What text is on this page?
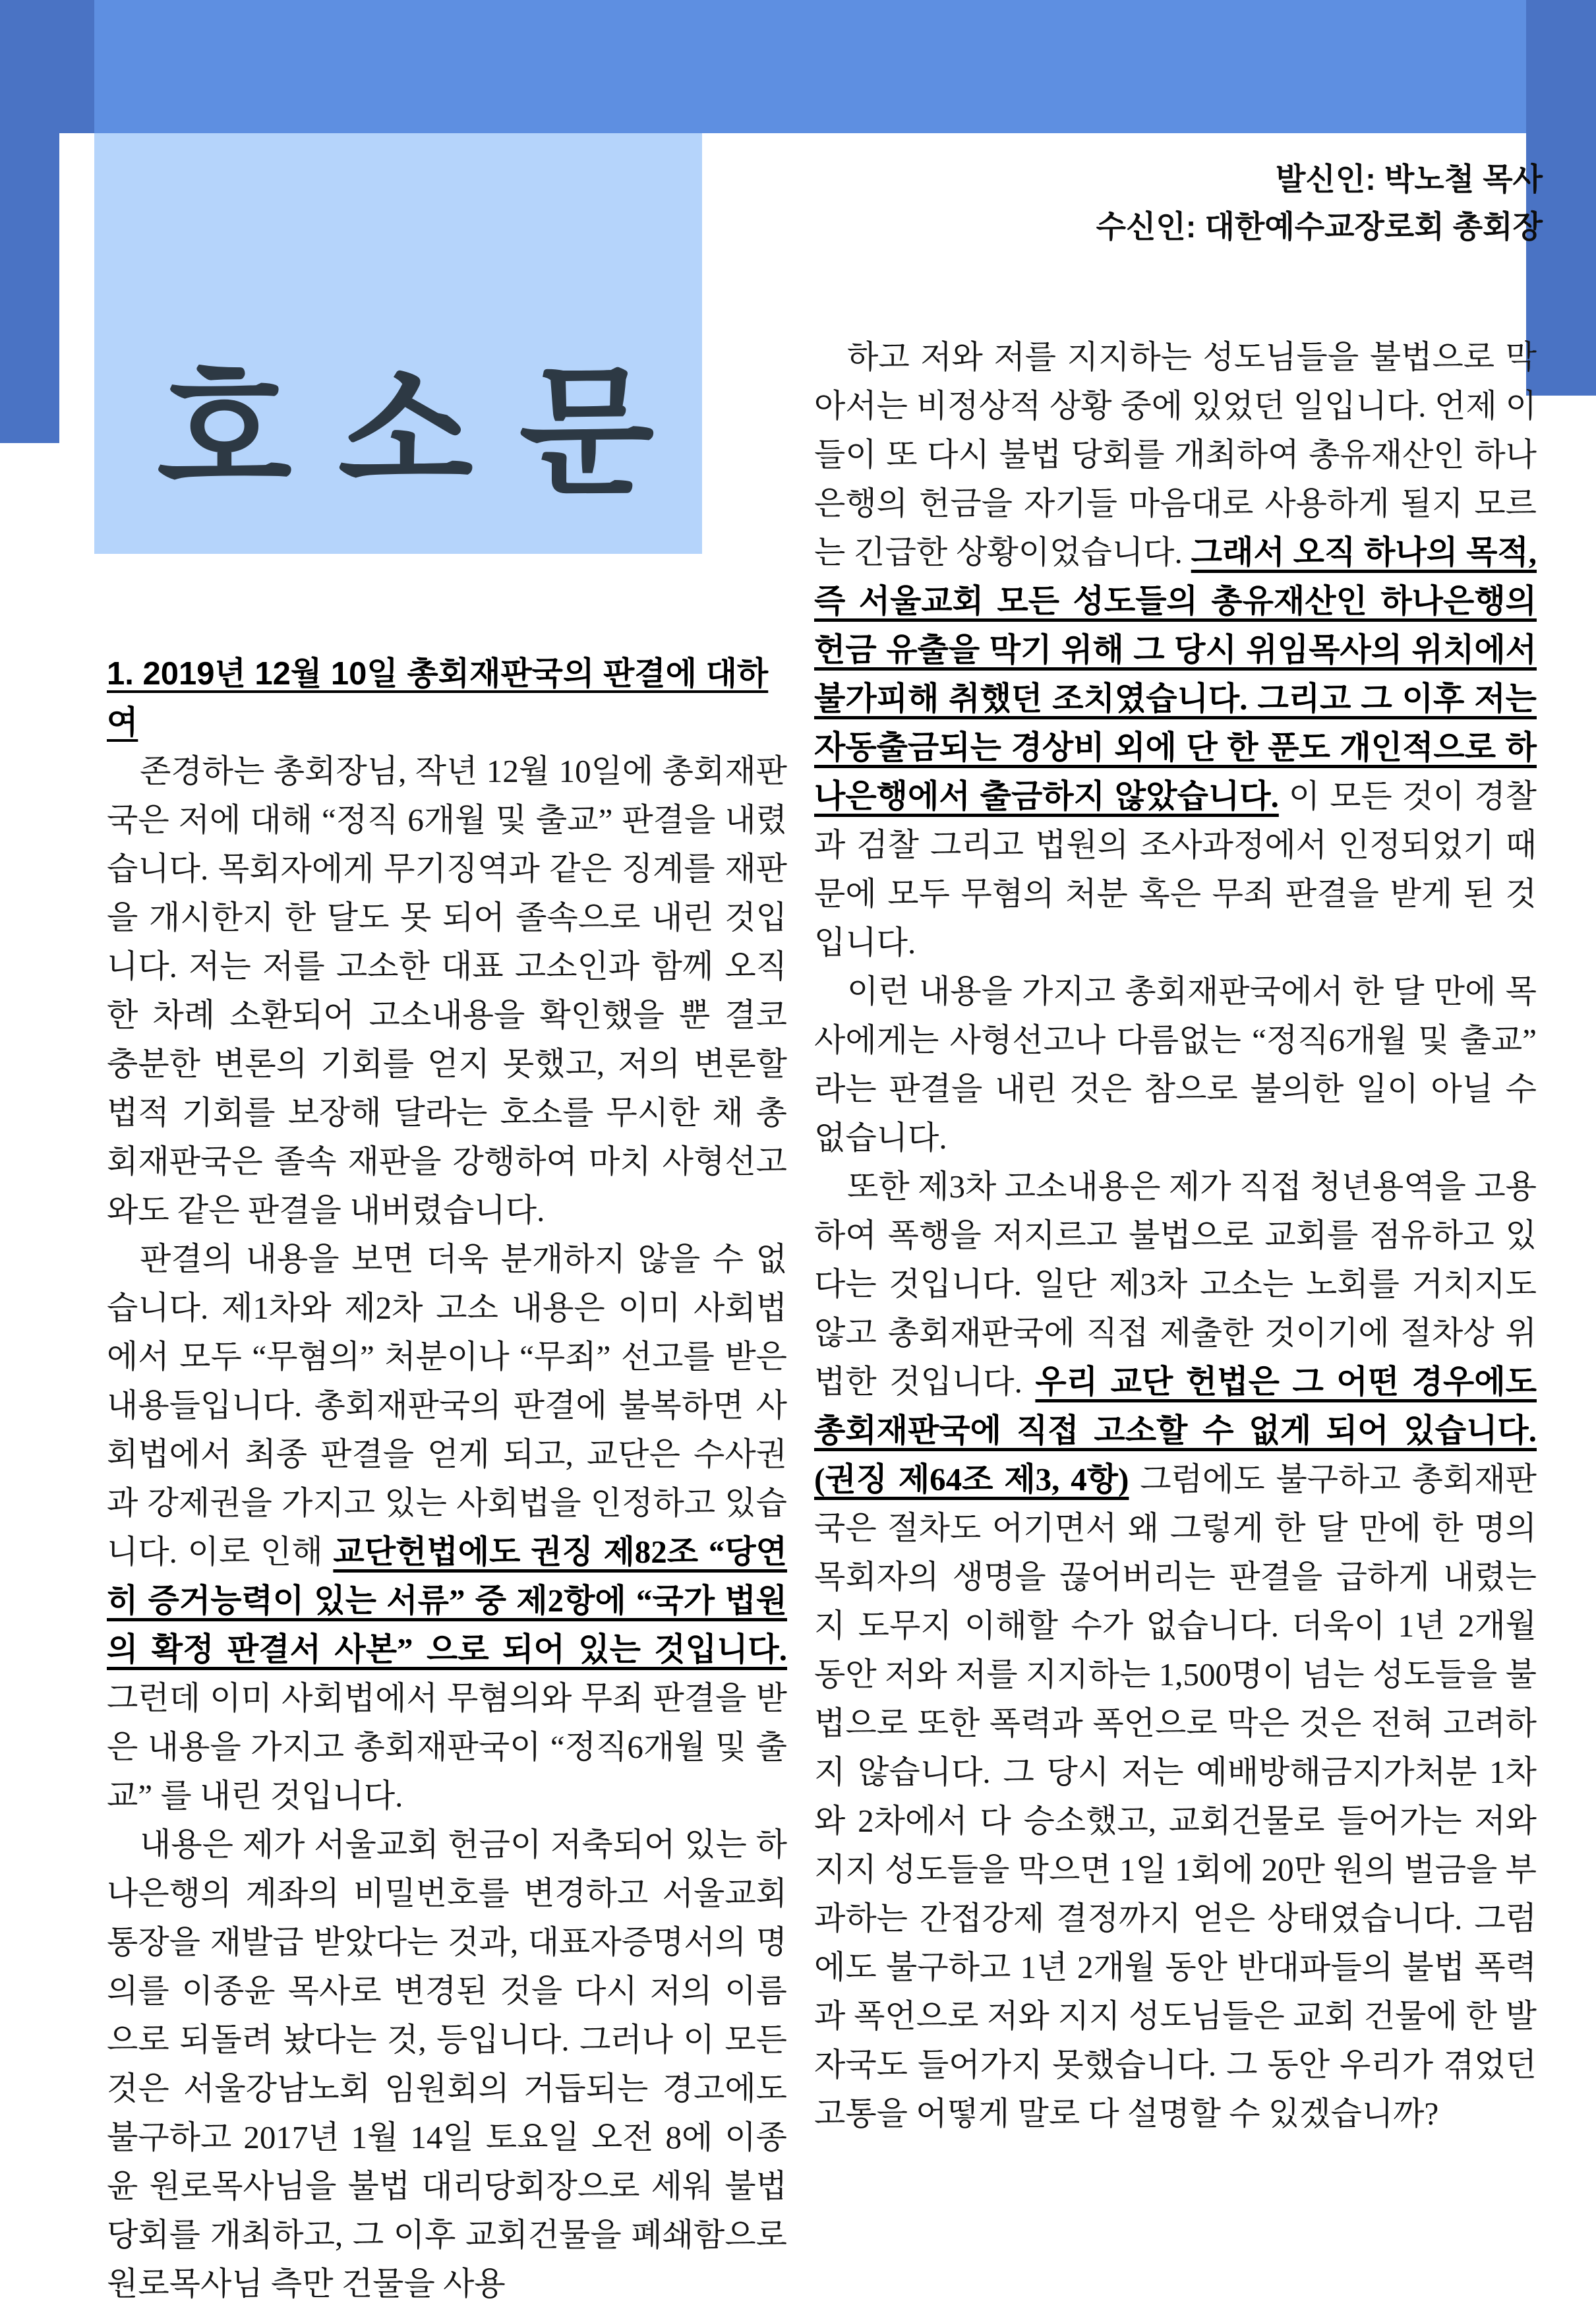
호소문
발신인: 박노철 목사
수신인: 대한예수교장로회 총회장
1. 2019년 12월 10일 총회재판국의 판결에 대하여

존경하는 총회장님, 작년 12월 10일에 총회재판국은 저에 대해 “정직 6개월 및 출교” 판결을 내렸습니다. 목회자에게 무기징역과 같은 징계를 재판을 개시한지 한 달도 못 되어 졸속으로 내린 것입니다. 저는 저를 고소한 대표 고소인과 함께 오직 한 차례 소환되어 고소내용을 확인했을 뿐 결코 충분한 변론의 기회를 얻지 못했고, 저의 변론할 법적 기회를 보장해 달라는 호소를 무시한 채 총회재판국은 졸속 재판을 강행하여 마치 사형선고와도 같은 판결을 내버렸습니다.

판결의 내용을 보면 더욱 분개하지 않을 수 없습니다. 제1차와 제2차 고소 내용은 이미 사회법에서 모두 “무혐의” 처분이나 “무죄” 선고를 받은 내용들입니다. 총회재판국의 판결에 불복하면 사회법에서 최종 판결을 얻게 되고, 교단은 수사권과 강제권을 가지고 있는 사회법을 인정하고 있습니다. 이로 인해 교단헌법에도 권징 제82조 “당연히 증거능력이 있는 서류” 중 제2항에 “국가 법원의 확정 판결서 사본” 으로 되어 있는 것입니다. 그런데 이미 사회법에서 무혐의와 무죄 판결을 받은 내용을 가지고 총회재판국이 “정직6개월 및 출교” 를 내린 것입니다.

내용은 제가 서울교회 헌금이 저축되어 있는 하나은행의 계좌의 비밀번호를 변경하고 서울교회 통장을 재발급 받았다는 것과, 대표자증명서의 명의를 이종윤 목사로 변경된 것을 다시 저의 이름으로 되돌려 놨다는 것, 등입니다. 그러나 이 모든 것은 서울강남노회 임원회의 거듭되는 경고에도 불구하고 2017년 1월 14일 토요일 오전 8에 이종윤 원로목사님을 불법 대리당회장으로 세워 불법 당회를 개최하고, 그 이후 교회건물을 폐쇄함으로 원로목사님 측만 건물을 사용

하고 저와 저를 지지하는 성도님들을 불법으로 막아서는 비정상적 상황 중에 있었던 일입니다. 언제 이들이 또 다시 불법 당회를 개최하여 총유재산인 하나은행의 헌금을 자기들 마음대로 사용하게 될지 모르는 긴급한 상황이었습니다. 그래서 오직 하나의 목적, 즉 서울교회 모든 성도들의 총유재산인 하나은행의 헌금 유출을 막기 위해 그 당시 위임목사의 위치에서 불가피해 취했던 조치였습니다. 그리고 그 이후 저는 자동출금되는 경상비 외에 단 한 푼도 개인적으로 하나은행에서 출금하지 않았습니다. 이 모든 것이 경찰과 검찰 그리고 법원의 조사과정에서 인정되었기 때문에 모두 무혐의 처분 혹은 무죄 판결을 받게 된 것입니다.

이런 내용을 가지고 총회재판국에서 한 달 만에 목사에게는 사형선고나 다름없는 “정직6개월 및 출교” 라는 판결을 내린 것은 참으로 불의한 일이 아닐 수 없습니다.

또한 제3차 고소내용은 제가 직접 청년용역을 고용하여 폭행을 저지르고 불법으로 교회를 점유하고 있다는 것입니다. 일단 제3차 고소는 노회를 거치지도 않고 총회재판국에 직접 제출한 것이기에 절차상 위법한 것입니다. 우리 교단 헌법은 그 어떤 경우에도 총회재판국에 직접 고소할 수 없게 되어 있습니다.(권징 제64조 제3, 4항) 그럼에도 불구하고 총회재판국은 절차도 어기면서 왜 그렇게 한 달 만에 한 명의 목회자의 생명을 끊어버리는 판결을 급하게 내렸는지 도무지 이해할 수가 없습니다. 더욱이 1년 2개월 동안 저와 저를 지지하는 1,500명이 넘는 성도들을 불법으로 또한 폭력과 폭언으로 막은 것은 전혀 고려하지 않습니다. 그 당시 저는 예배방해금지가처분 1차와 2차에서 다 승소했고, 교회건물로 들어가는 저와 지지 성도들을 막으면 1일 1회에 20만 원의 벌금을 부과하는 간접강제 결정까지 얻은 상태였습니다. 그럼에도 불구하고 1년 2개월 동안 반대파들의 불법 폭력과 폭언으로 저와 지지 성도님들은 교회 건물에 한 발자국도 들어가지 못했습니다. 그 동안 우리가 겪었던 고통을 어떻게 말로 다 설명할 수 있겠습니까?
